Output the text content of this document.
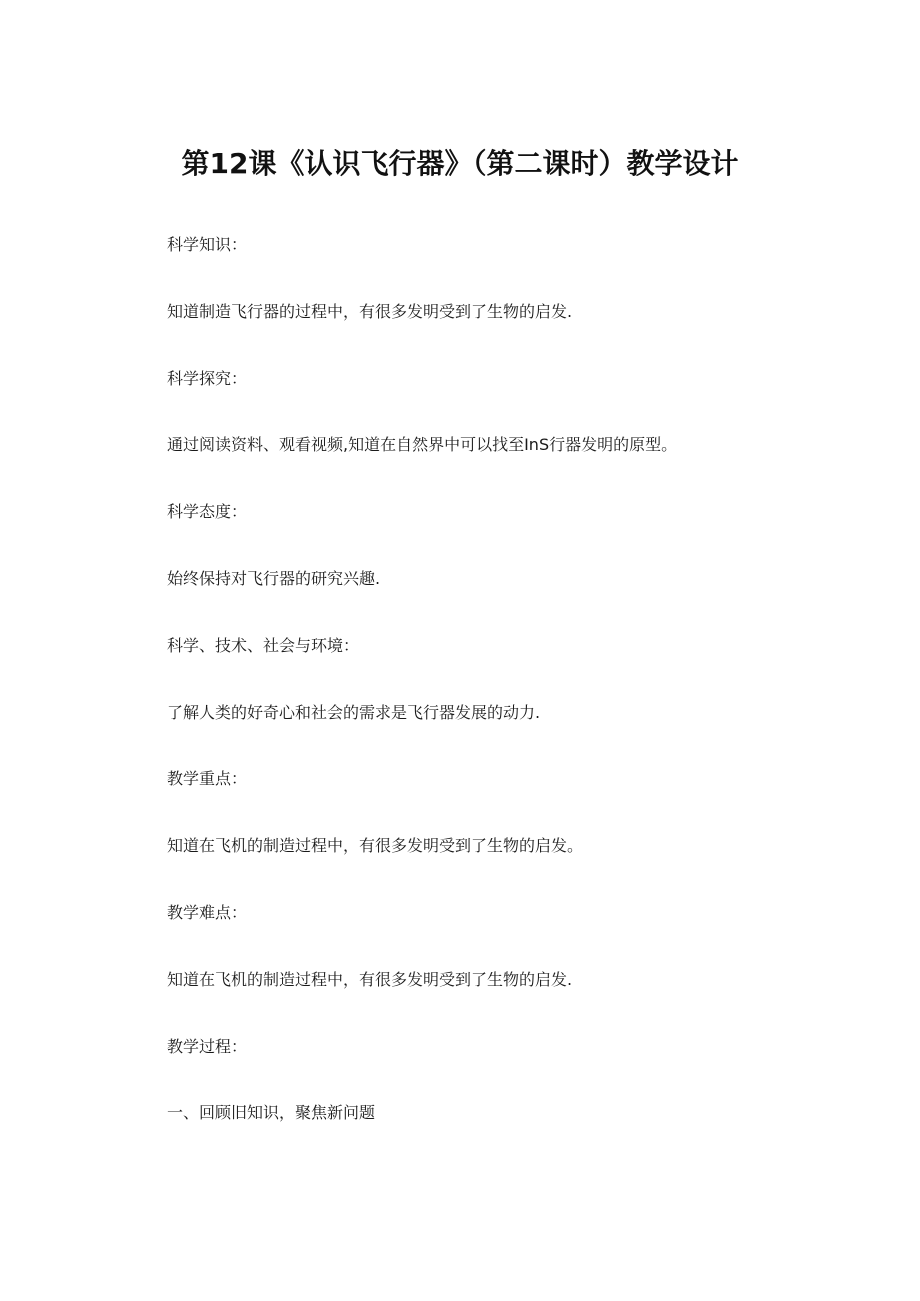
第12课《认识飞行器》（第二课时）教学设计
科学知识：
知道制造飞行器的过程中，有很多发明受到了生物的启发.
科学探究：
通过阅读资料、观看视频,知道在自然界中可以找至InS行器发明的原型。
科学态度：
始终保持对飞行器的研究兴趣.
科学、技术、社会与环境：
了解人类的好奇心和社会的需求是飞行器发展的动力.
教学重点：
知道在飞机的制造过程中，有很多发明受到了生物的启发。
教学难点：
知道在飞机的制造过程中，有很多发明受到了生物的启发.
教学过程：
一、回顾旧知识，聚焦新问题
